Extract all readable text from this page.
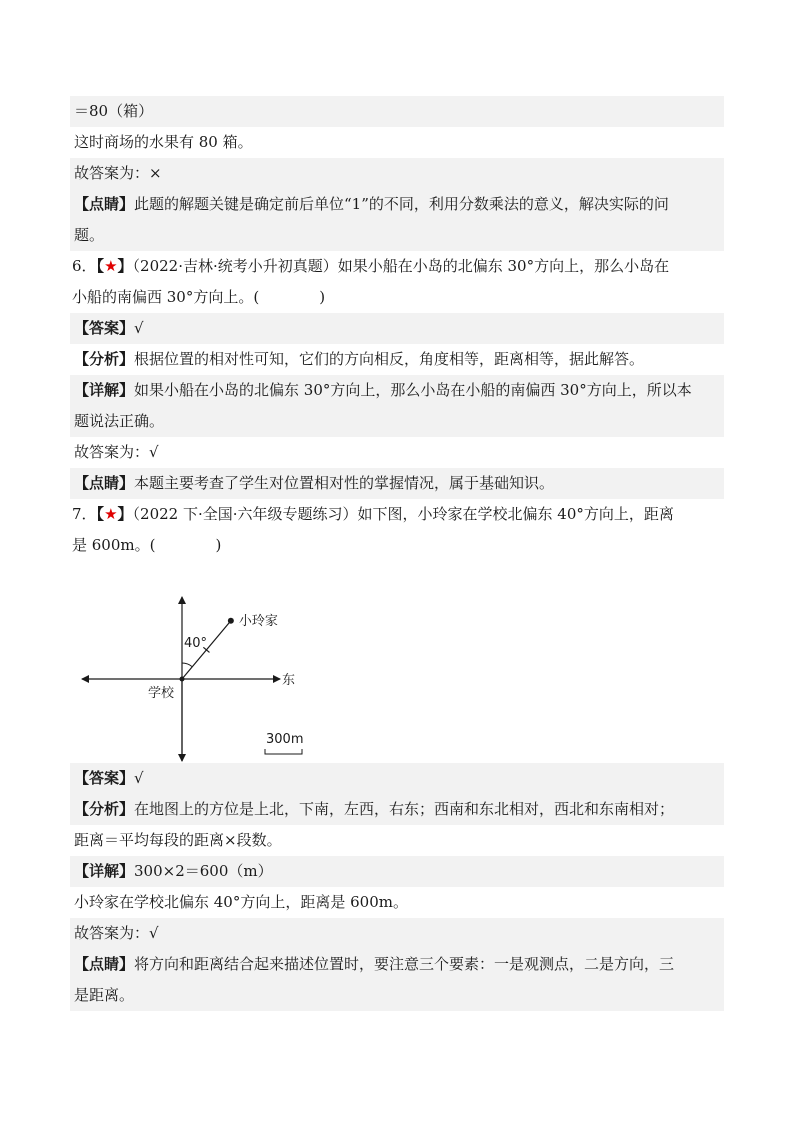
＝80（箱）
这时商场的水果有 80 箱。
故答案为：×
【点睛】此题的解题关键是确定前后单位“1”的不同，利用分数乘法的意义，解决实际的问
题。
6．【★】（2022·吉林·统考小升初真题）如果小船在小岛的北偏东 30°方向上，那么小岛在
小船的南偏西 30°方向上。(　　　　)
【答案】√
【分析】根据位置的相对性可知，它们的方向相反，角度相等，距离相等，据此解答。
【详解】如果小船在小岛的北偏东 30°方向上，那么小岛在小船的南偏西 30°方向上，所以本
题说法正确。
故答案为：√
【点睛】本题主要考查了学生对位置相对性的掌握情况，属于基础知识。
7．【★】（2022 下·全国·六年级专题练习）如下图，小玲家在学校北偏东 40°方向上，距离
是 600m。(　　　　)
小玲家
学校
东
40°
300m
【答案】√
【分析】在地图上的方位是上北，下南，左西，右东；西南和东北相对，西北和东南相对；
距离＝平均每段的距离×段数。
【详解】300×2＝600（m）
小玲家在学校北偏东 40°方向上，距离是 600m。
故答案为：√
【点睛】将方向和距离结合起来描述位置时，要注意三个要素：一是观测点，二是方向，三
是距离。
